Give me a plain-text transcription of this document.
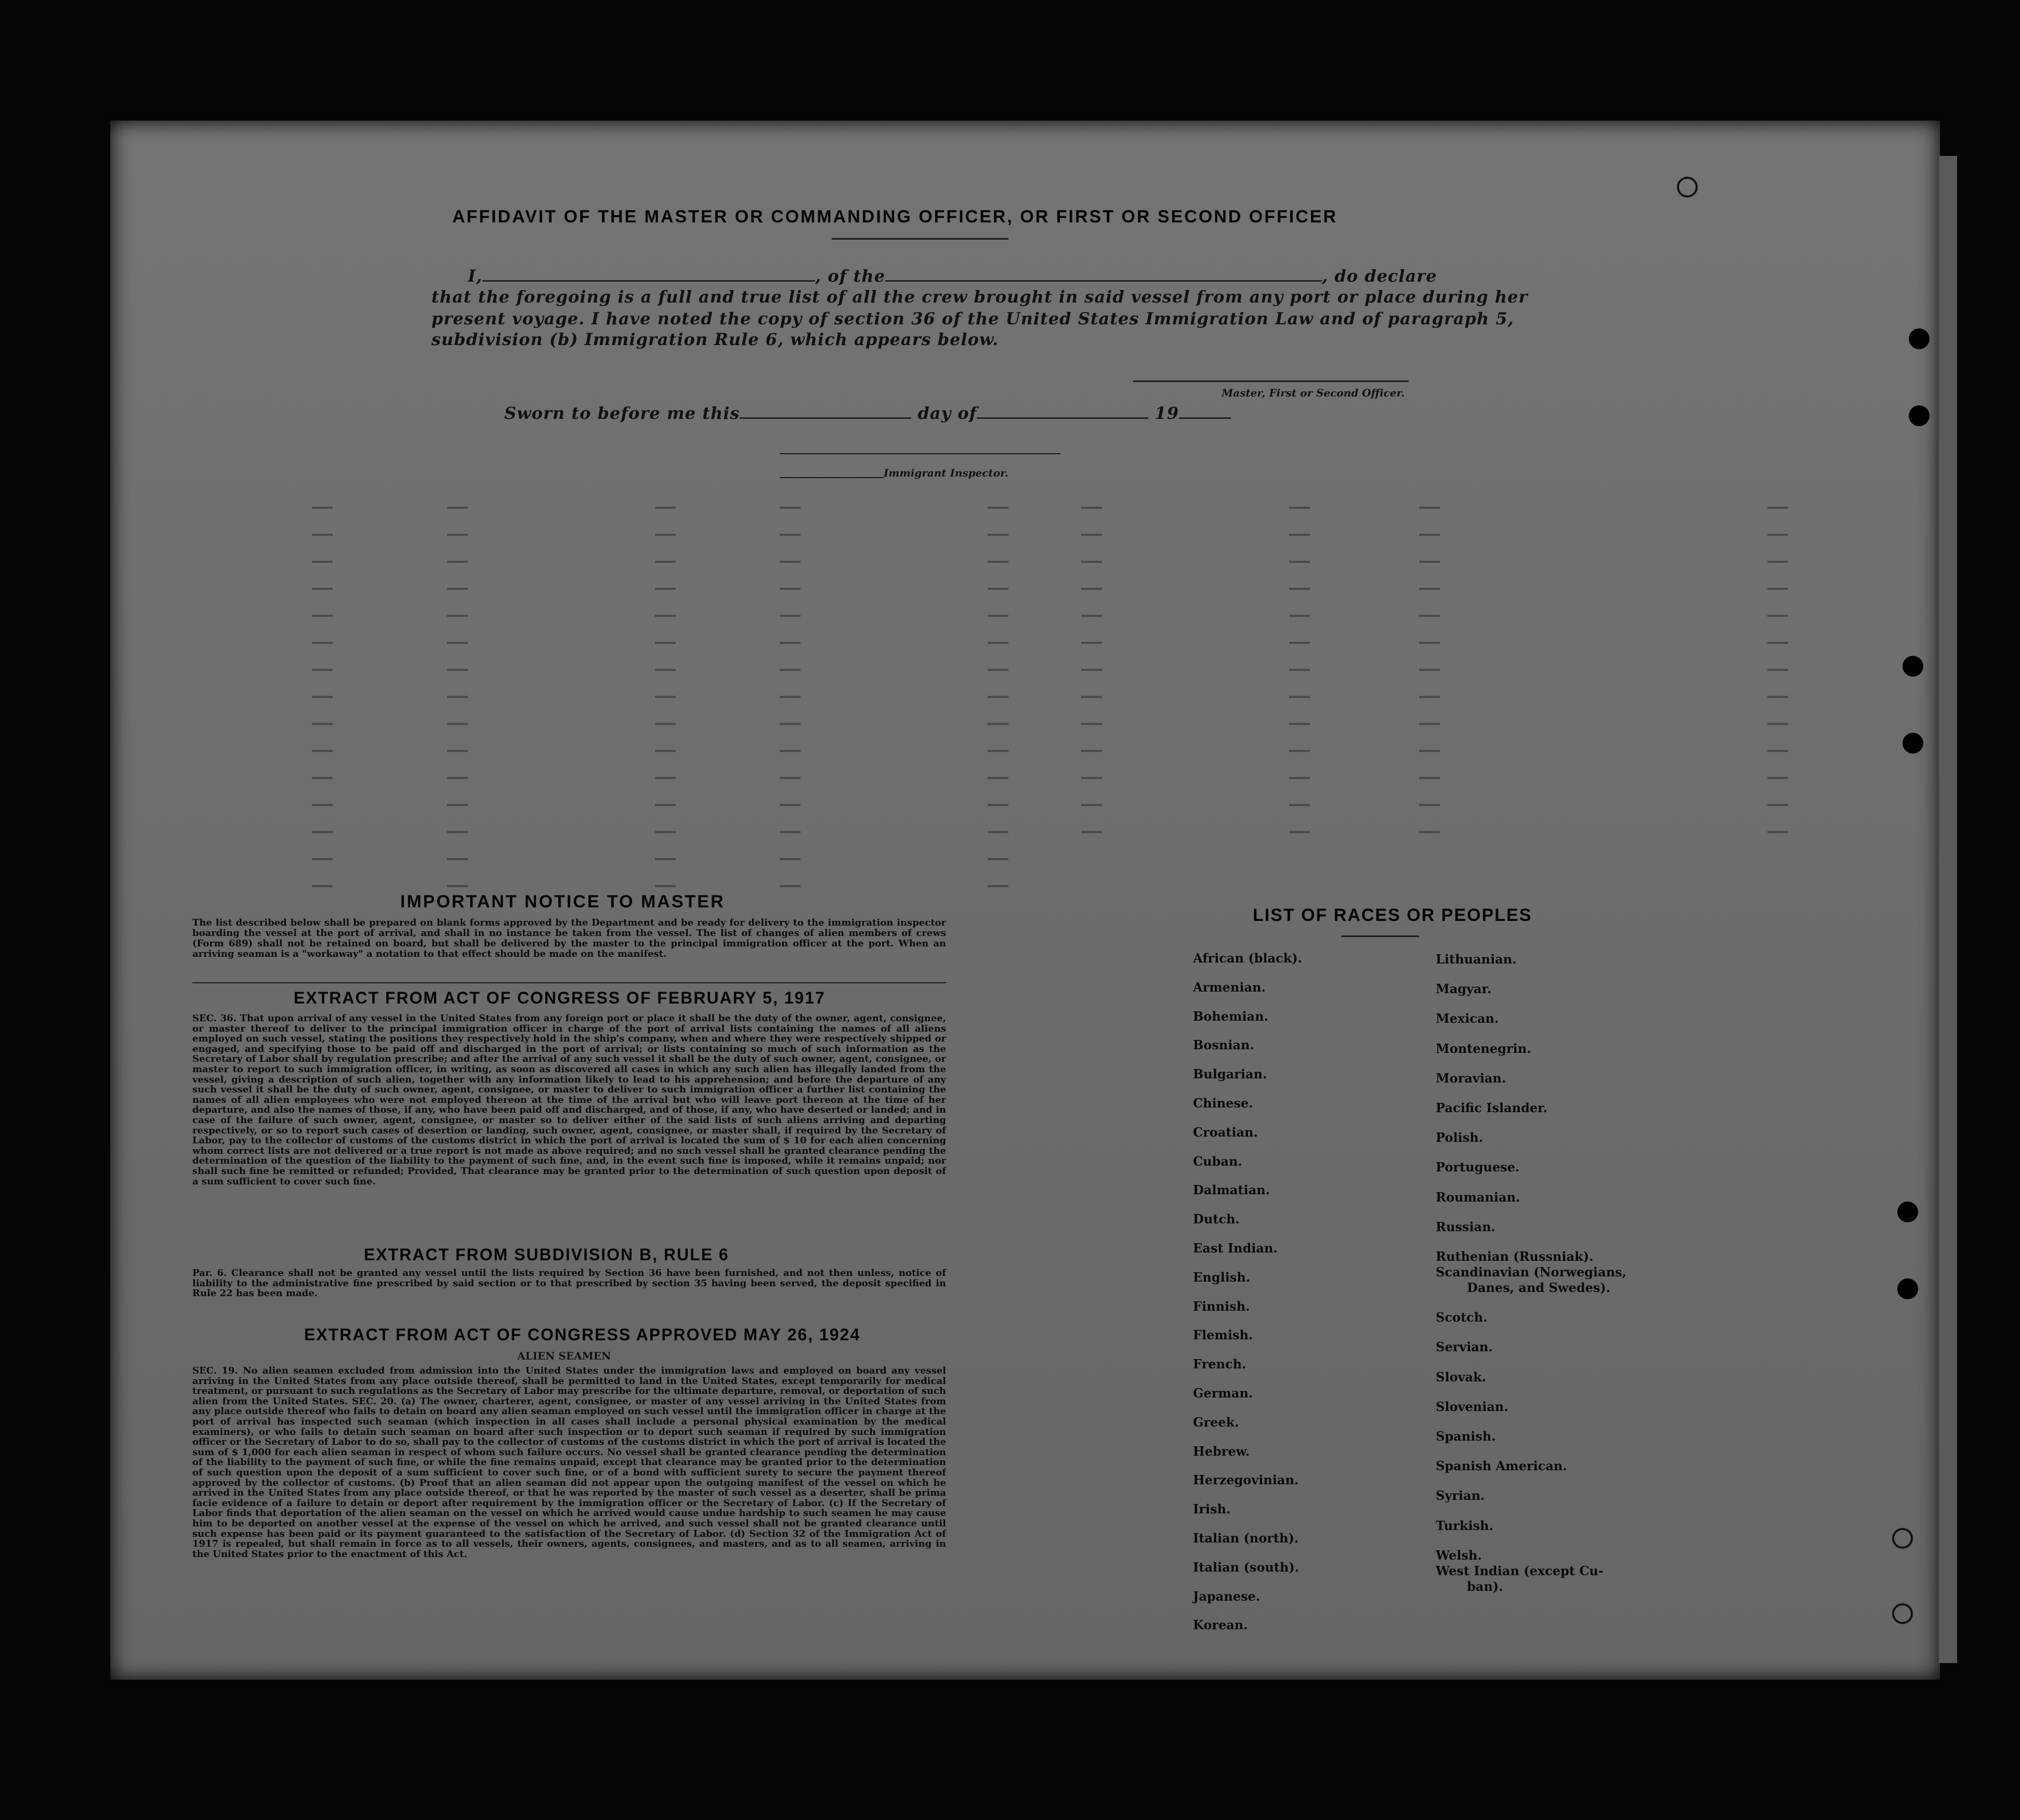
AFFIDAVIT OF THE MASTER OR COMMANDING OFFICER, OR FIRST OR SECOND OFFICER
I,	, of the	, do declare
that the foregoing is a full and true list of all the crew brought in said vessel from any port or place during her
present voyage. I have noted the copy of section 36 of the United States Immigration Law and of paragraph 5,
subdivision (b) Immigration Rule 6, which appears below.
Master, First or Second Officer.
Sworn to before me this	day of	19
Immigrant Inspector.
IMPORTANT NOTICE TO MASTER
The list described below shall be prepared on blank forms approved by the Department and be ready for delivery to the immigration inspector boarding the vessel at the port of arrival, and shall in no instance be taken from the vessel. The list of changes of alien members of crews (Form 689) shall not be retained on board, but shall be delivered by the master to the principal immigration officer at the port. When an arriving seaman is a "workaway" a notation to that effect should be made on the manifest.
EXTRACT FROM ACT OF CONGRESS OF FEBRUARY 5, 1917
SEC. 36. That upon arrival of any vessel in the United States from any foreign port or place it shall be the duty of the owner, agent, consignee, or master thereof to deliver to the principal immigration officer in charge of the port of arrival lists containing the names of all aliens employed on such vessel, stating the positions they respectively hold in the ship's company, when and where they were respectively shipped or engaged, and specifying those to be paid off and discharged in the port of arrival; or lists containing so much of such information as the Secretary of Labor shall by regulation prescribe; and after the arrival of any such vessel it shall be the duty of such owner, agent, consignee, or master to report to such immigration officer, in writing, as soon as discovered all cases in which any such alien has illegally landed from the vessel, giving a description of such alien, together with any information likely to lead to his apprehension; and before the departure of any such vessel it shall be the duty of such owner, agent, consignee, or master to deliver to such immigration officer a further list containing the names of all alien employees who were not employed thereon at the time of the arrival but who will leave port thereon at the time of her departure, and also the names of those, if any, who have been paid off and discharged, and of those, if any, who have deserted or landed; and in case of the failure of such owner, agent, consignee, or master so to deliver either of the said lists of such aliens arriving and departing respectively, or so to report such cases of desertion or landing, such owner, agent, consignee, or master shall, if required by the Secretary of Labor, pay to the collector of customs of the customs district in which the port of arrival is located the sum of $ 10 for each alien concerning whom correct lists are not delivered or a true report is not made as above required; and no such vessel shall be granted clearance pending the determination of the question of the liability to the payment of such fine, and, in the event such fine is imposed, while it remains unpaid; nor shall such fine be remitted or refunded; Provided, That clearance may be granted prior to the determination of such question upon deposit of a sum sufficient to cover such fine.
EXTRACT FROM SUBDIVISION B, RULE 6
Par. 6. Clearance shall not be granted any vessel until the lists required by Section 36 have been furnished, and not then unless, notice of liability to the administrative fine prescribed by said section or to that prescribed by section 35 having been served, the deposit specified in Rule 22 has been made.
EXTRACT FROM ACT OF CONGRESS APPROVED MAY 26, 1924
ALIEN SEAMEN
SEC. 19. No alien seamen excluded from admission into the United States under the immigration laws and employed on board any vessel arriving in the United States from any place outside thereof, shall be permitted to land in the United States, except temporarily for medical treatment, or pursuant to such regulations as the Secretary of Labor may prescribe for the ultimate departure, removal, or deportation of such alien from the United States. SEC. 20. (a) The owner, charterer, agent, consignee, or master of any vessel arriving in the United States from any place outside thereof who fails to detain on board any alien seaman employed on such vessel until the immigration officer in charge at the port of arrival has inspected such seaman (which inspection in all cases shall include a personal physical examination by the medical examiners), or who fails to detain such seaman on board after such inspection or to deport such seaman if required by such immigration officer or the Secretary of Labor to do so, shall pay to the collector of customs of the customs district in which the port of arrival is located the sum of $ 1,000 for each alien seaman in respect of whom such failure occurs. No vessel shall be granted clearance pending the determination of the liability to the payment of such fine, or while the fine remains unpaid, except that clearance may be granted prior to the determination of such question upon the deposit of a sum sufficient to cover such fine, or of a bond with sufficient surety to secure the payment thereof approved by the collector of customs. (b) Proof that an alien seaman did not appear upon the outgoing manifest of the vessel on which he arrived in the United States from any place outside thereof, or that he was reported by the master of such vessel as a deserter, shall be prima facie evidence of a failure to detain or deport after requirement by the immigration officer or the Secretary of Labor. (c) If the Secretary of Labor finds that deportation of the alien seaman on the vessel on which he arrived would cause undue hardship to such seamen he may cause him to be deported on another vessel at the expense of the vessel on which he arrived, and such vessel shall not be granted clearance until such expense has been paid or its payment guaranteed to the satisfaction of the Secretary of Labor. (d) Section 32 of the Immigration Act of 1917 is repealed, but shall remain in force as to all vessels, their owners, agents, consignees, and masters, and as to all seamen, arriving in the United States prior to the enactment of this Act.
LIST OF RACES OR PEOPLES
African (black).
Armenian.
Bohemian.
Bosnian.
Bulgarian.
Chinese.
Croatian.
Cuban.
Dalmatian.
Dutch.
East Indian.
English.
Finnish.
Flemish.
French.
German.
Greek.
Hebrew.
Herzegovinian.
Irish.
Italian (north).
Italian (south).
Japanese.
Korean.
Lithuanian.
Magyar.
Mexican.
Montenegrin.
Moravian.
Pacific Islander.
Polish.
Portuguese.
Roumanian.
Russian.
Ruthenian (Russniak).
Scandinavian (Norwegians,
Danes, and Swedes).
Scotch.
Servian.
Slovak.
Slovenian.
Spanish.
Spanish American.
Syrian.
Turkish.
Welsh.
West Indian (except Cu-
ban).
